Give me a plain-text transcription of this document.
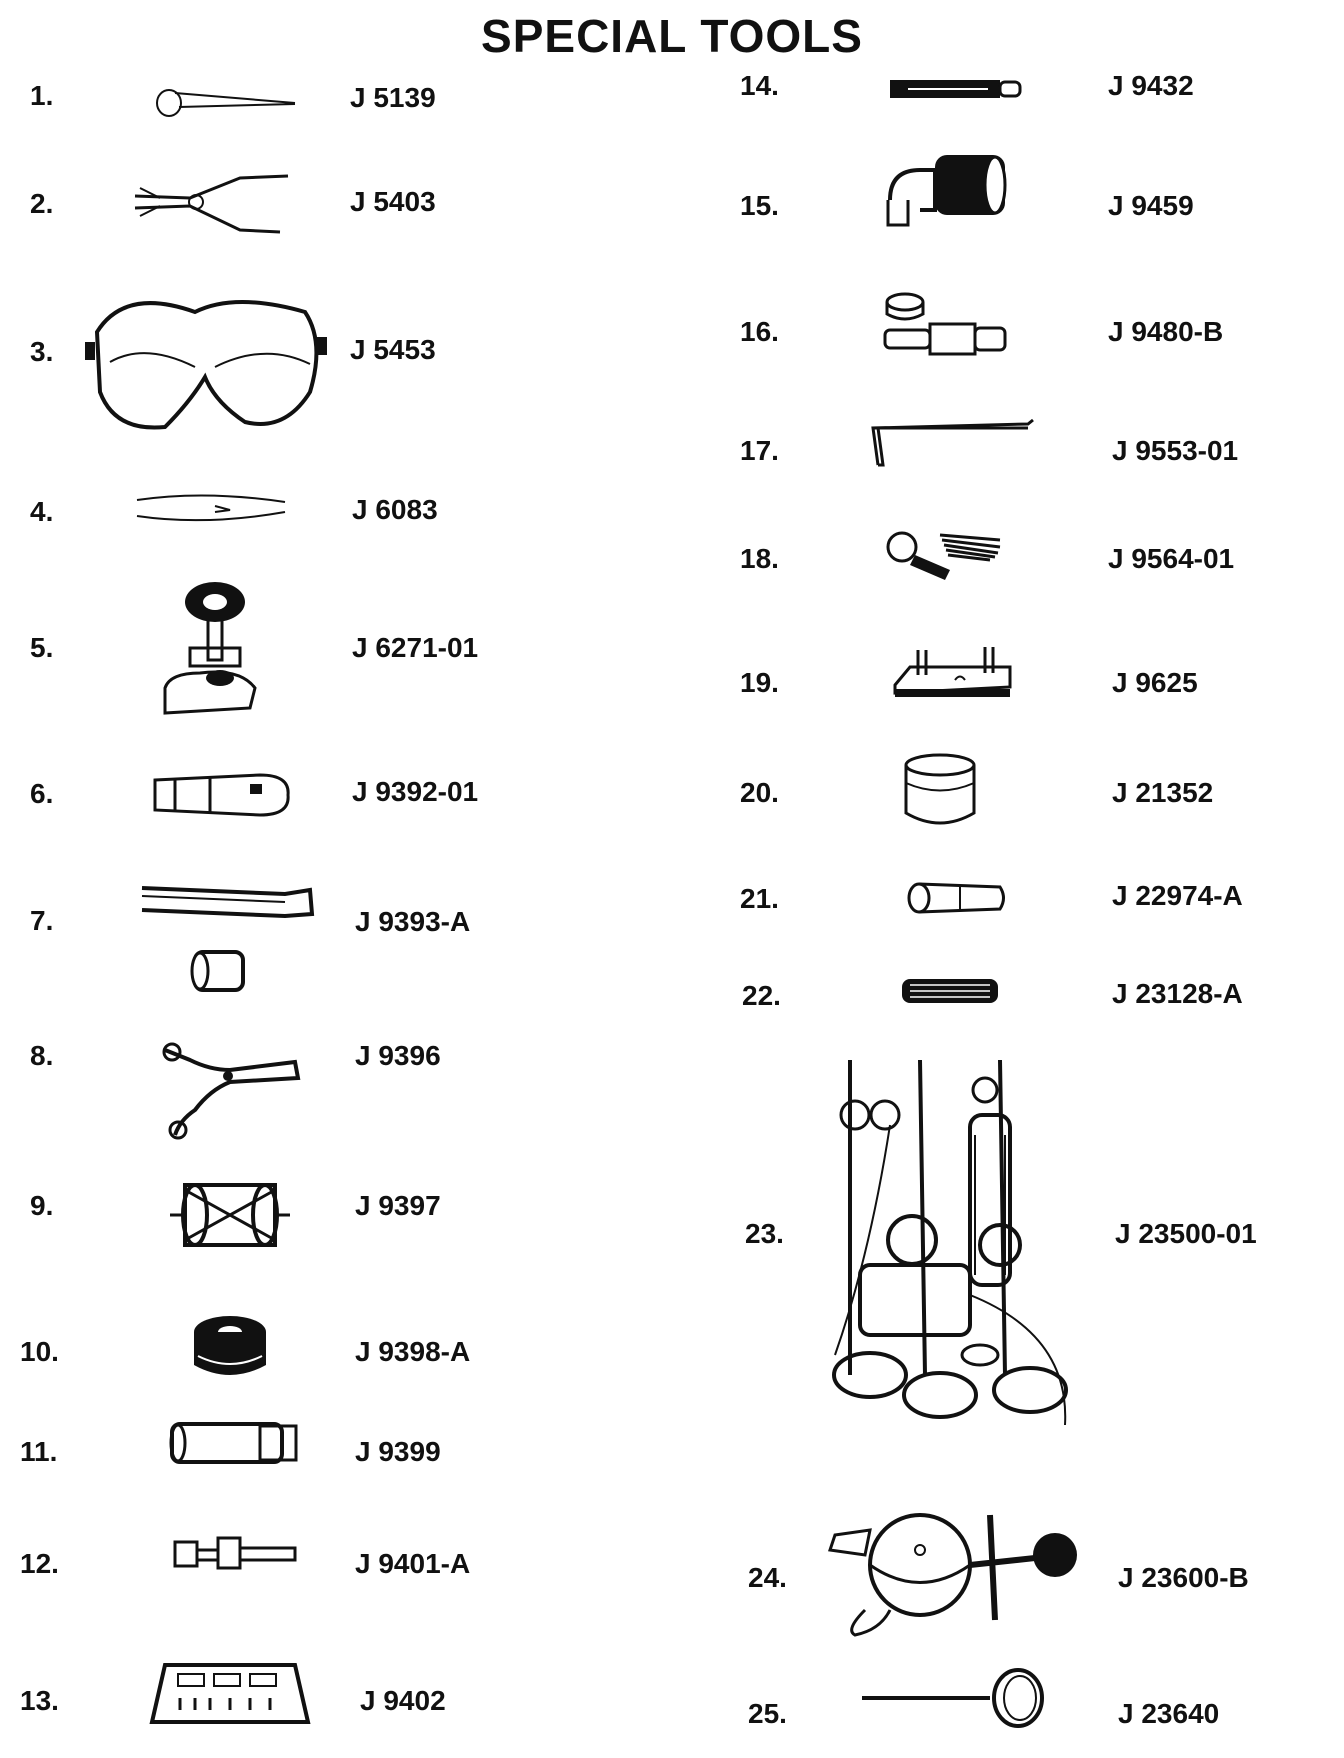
SPECIAL TOOLS
1.	J 5139
2.	J 5403
3.	J 5453
4.	J 6083
5.	J 6271-01
6.	J 9392-01
7.	J 9393-A
8.	J 9396
9.	J 9397
10.	J 9398-A
11.	J 9399
12.	J 9401-A
13.	J 9402
14.	J 9432
15.	J 9459
16.	J 9480-B
17.	J 9553-01
18.	J 9564-01
19.	J 9625
20.	J 21352
21.	J 22974-A
22.	J 23128-A
23.	J 23500-01
24.	J 23600-B
25.	J 23640
